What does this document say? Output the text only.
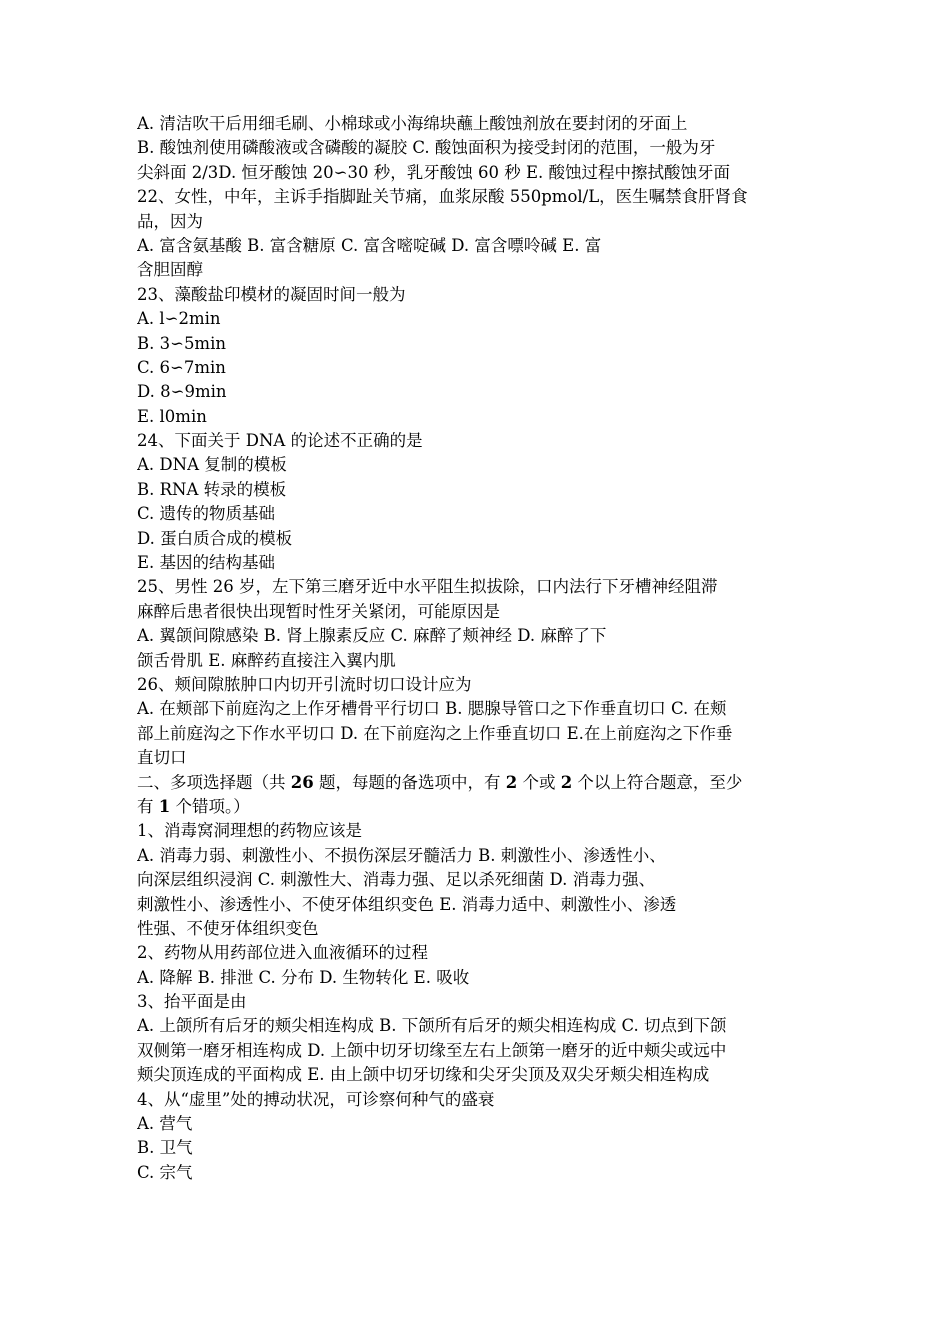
A. 清洁吹干后用细毛刷、小棉球或小海绵块蘸上酸蚀剂放在要封闭的牙面上
B. 酸蚀剂使用磷酸液或含磷酸的凝胶 C. 酸蚀面积为接受封闭的范围，一般为牙
尖斜面 2/3D. 恒牙酸蚀 20∽30 秒，乳牙酸蚀 60 秒 E. 酸蚀过程中擦拭酸蚀牙面
22、女性，中年，主诉手指脚趾关节痛，血浆尿酸 550pmol/L，医生嘱禁食肝肾食
品，因为
A. 富含氨基酸 B. 富含糖原 C. 富含嘧啶碱 D. 富含嘌呤碱 E. 富
含胆固醇
23、藻酸盐印模材的凝固时间一般为
A. l∽2min
B. 3∽5min
C. 6∽7min
D. 8∽9min
E. l0min
24、下面关于 DNA 的论述不正确的是
A. DNA 复制的模板
B. RNA 转录的模板
C. 遗传的物质基础
D. 蛋白质合成的模板
E. 基因的结构基础
25、男性 26 岁，左下第三磨牙近中水平阻生拟拔除，口内法行下牙槽神经阻滞
麻醉后患者很快出现暂时性牙关紧闭，可能原因是
A. 翼颌间隙感染 B. 肾上腺素反应 C. 麻醉了颊神经 D. 麻醉了下
颌舌骨肌 E. 麻醉药直接注入翼内肌
26、颊间隙脓肿口内切开引流时切口设计应为
A. 在颊部下前庭沟之上作牙槽骨平行切口 B. 腮腺导管口之下作垂直切口 C. 在颊
部上前庭沟之下作水平切口 D. 在下前庭沟之上作垂直切口 E.在上前庭沟之下作垂
直切口
二、多项选择题（共 26 题，每题的备选项中，有 2 个或 2 个以上符合题意，至少
有 1 个错项。）
1、消毒窝洞理想的药物应该是
A. 消毒力弱、刺激性小、不损伤深层牙髓活力 B. 刺激性小、渗透性小、
向深层组织浸润 C. 刺激性大、消毒力强、足以杀死细菌 D. 消毒力强、
刺激性小、渗透性小、不使牙体组织变色 E. 消毒力适中、刺激性小、渗透
性强、不使牙体组织变色
2、药物从用药部位进入血液循环的过程
A. 降解 B. 排泄 C. 分布 D. 生物转化 E. 吸收
3、抬平面是由
A. 上颌所有后牙的颊尖相连构成 B. 下颌所有后牙的颊尖相连构成 C. 切点到下颌
双侧第一磨牙相连构成 D. 上颌中切牙切缘至左右上颌第一磨牙的近中颊尖或远中
颊尖顶连成的平面构成 E. 由上颌中切牙切缘和尖牙尖顶及双尖牙颊尖相连构成
4、从“虚里”处的搏动状况，可诊察何种气的盛衰
A. 营气
B. 卫气
C. 宗气
